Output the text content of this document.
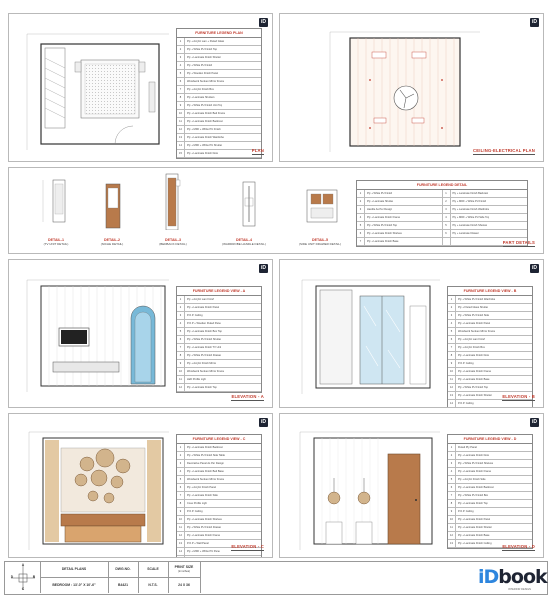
iD
FURNITURE LEGEND PLAN
1	Ply + Acrylic Lam + Fluted Glass
2	Ply + White PU Finish Top
3	Ply + Laminate Finish Shutter
4	Ply + White PU Finish
5	Ply + Wooden Finish Panel
6	Woodwork Sunken Mirror Frame
7	Ply + Acrylic Finish Box
8	Ply + Laminate Shutters
9	Ply + White PU Finish Unit Top
10	Ply + Laminate Finish Bed Frame
11	Ply + Laminate Finish Backrest
12	Ply + MDF + White PU Finish
13	Ply + Laminate Finish Wardrobe
14	Ply + MDF + White PU Shutter
15	Ply + Laminate Finish Door
PLAN
iD
CEILING-ELECTRICAL PLAN
DETAIL-1
(TV UNIT DETAIL)
DETAIL-2
(NICHE DETAIL)
DETAIL-3
(BEDBACK DETAIL)
DETAIL-4
(WARDROBE HANDLE DETAIL)
DETAIL-5
(SIDE UNIT DRAWER DETAIL)
FURNITURE LEGEND DETAIL
1	Ply + White PU Finish
2	Ply + Laminate Shutter
3	Handle As Per Design
4	Ply + Laminate Finish Frame
5	Ply + White PU Finish Top
6	Ply + Laminate Finish Shelves
7	Ply + Laminate Finish Base
1	Ply + Laminate Finish Backrest
2	Ply + MDF + White PU Finish
3	Ply + Laminate Finish Wardrobe
4	Ply + MDF + White PU Side Top
5	Ply + Laminate Finish Shelves
6	Ply + Laminate Drawer
PART DETAILS
iD
FURNITURE LEGEND VIEW - A
1	Ply + Acrylic Lam Finish
2	Ply + Laminate Finish Panel
3	P.O.P. Ceiling
4	P.O.P + Wooden Fluted Panel
5	Ply + Laminate Finish Box Top
6	Ply + White PU Finish Shutter
7	Ply + Laminate Finish TV Unit
8	Ply + White PU Finish Drawer
9	Ply + Acrylic Finish Mirror
10	Woodwork Sunken Mirror Frame
11	LED Profile Light
12	Ply + Laminate Finish Top
ELEVATION - A
iD
FURNITURE LEGEND VIEW - B
1	Ply + White PU Finish Wardrobe
2	Ply + Fluted Glass Shutter
3	Ply + White PU Finish Side
4	Ply + Laminate Finish Panel
5	Woodwork Sunken Mirror Frame
6	Ply + Acrylic Lam Finish
7	Ply + Acrylic Finish Box
8	Ply + Laminate Finish Door
9	P.O.P. Ceiling
10	Ply + Laminate Finish Frame
11	Ply + Laminate Finish Base
12	Ply + White PU Finish Top
13	Ply + Laminate Finish Shutter
14	P.O.P. Ceiling
ELEVATION - B
iD
FURNITURE LEGEND VIEW - C
1	Ply + Laminate Finish Backrest
2	Ply + White PU Finish Side Table
3	Decorative Panel As Per Design
4	Ply + Laminate Finish Bed Base
5	Woodwork Sunken Mirror Frame
6	Ply + Acrylic Finish Panel
7	Ply + Laminate Finish Side
8	Cove Profile Light
9	P.O.P. Ceiling
10	Ply + Laminate Finish Shelves
11	Ply + White PU Finish Drawer
12	Ply + Laminate Finish Frame
13	P.O.P + Wall Panel
14	Ply + MDF + White PU Panel
ELEVATION - C
iD
FURNITURE LEGEND VIEW - D
1	Fluted Ply Panel
2	Ply + Laminate Finish Door
3	Ply + White PU Finish Shelves
4	Ply + Laminate Finish Frame
5	Ply + Acrylic Finish Side
6	Ply + Laminate Finish Backrest
7	Ply + White PU Finish Box
8	Ply + Laminate Finish Top
9	P.O.P. Ceiling
10	Ply + Laminate Finish Panel
11	Ply + Laminate Finish Shutter
12	Ply + Laminate Finish Base
13	Ply + Laminate Finish Ceiling
ELEVATION - D
A
D	B
C
DETAIL PLANS
BEDROOM : 13'-0" X 10'-6"
DWG.NO.
B4421
SCALE
N.T.S.
PRINT SIZE
(in inches)
24 X 36	iDbook
INTERIOR DESIGN
